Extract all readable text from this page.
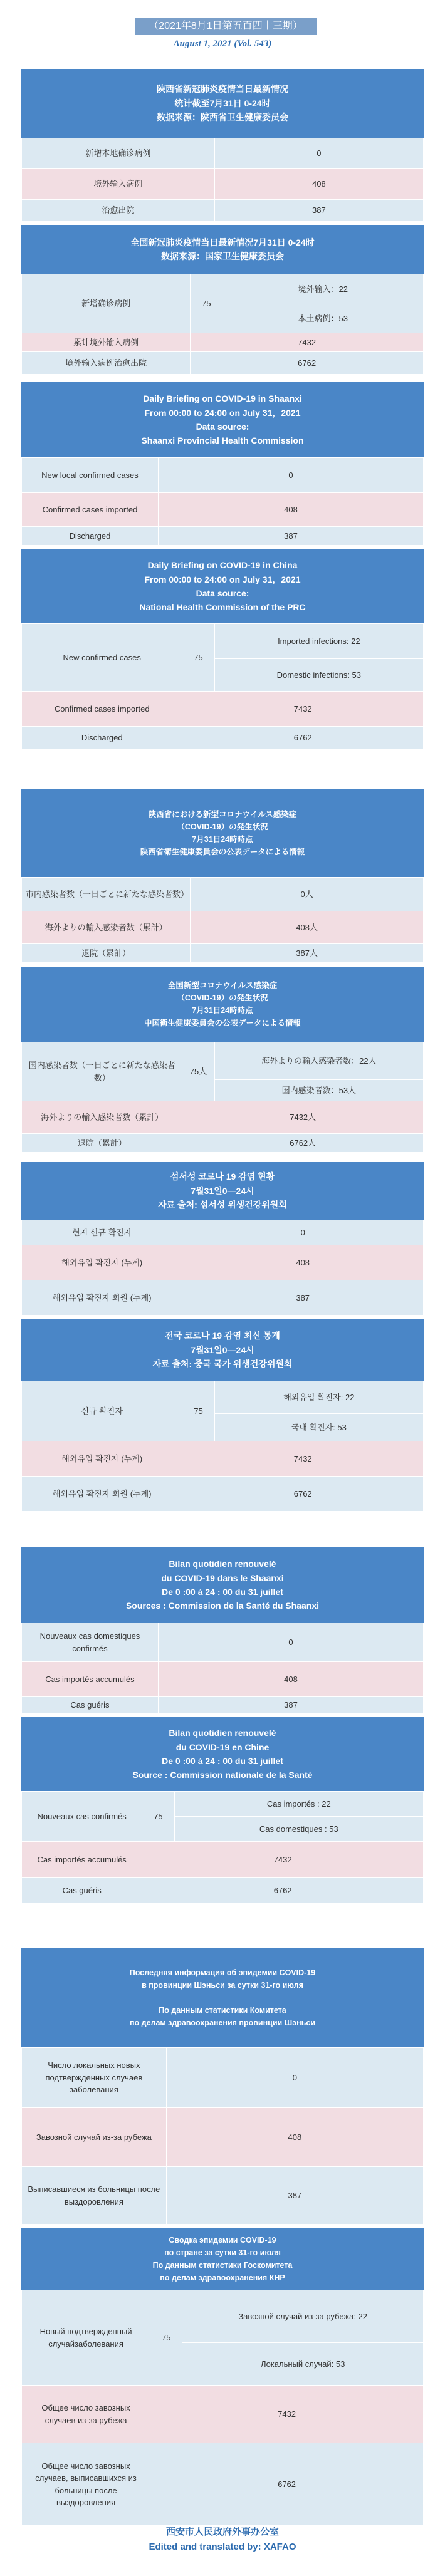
（2021年8月1日第五百四十三期）
August 1, 2021 (Vol. 543)
陕西省新冠肺炎疫情当日最新情况
统计截至7月31日 0-24时
数据来源：陕西省卫生健康委员会
新增本地确诊病例	0
境外输入病例	408
治愈出院	387
全国新冠肺炎疫情当日最新情况7月31日 0-24时
数据来源：国家卫生健康委员会
新增确诊病例	75	境外输入：22
		本土病例：53
累计境外输入病例	7432	
境外输入病例治愈出院	6762	
Daily Briefing on COVID-19 in Shaanxi
From 00:00 to 24:00 on July 31，2021
Data source:
Shaanxi Provincial Health Commission
New local confirmed cases	0
Confirmed cases imported	408
Discharged	387
Daily Briefing on COVID-19 in China
From 00:00 to 24:00 on July 31，2021
Data source:
National Health Commission of the PRC
New confirmed cases	75	Imported infections: 22
		Domestic infections: 53
Confirmed cases imported	7432	
Discharged	6762	
陕西省における新型コロナウイルス感染症
（COVID-19）の発生状況
7月31日24時時点
陕西省衛生健康委員会の公表データによる情報
市内感染者数（一日ごとに新たな感染者数）	0人
海外よりの輸入感染者数（累計）	408人
退院（累計）	387人
全国新型コロナウイルス感染症
（COVID-19）の発生状況
7月31日24時時点
中国衛生健康委員会の公表データによる情報
国内感染者数（一日ごとに新たな感染者数）	75人	海外よりの輸入感染者数：22人
		国内感染者数：53人
海外よりの輸入感染者数（累計）	7432人	
退院（累計）	6762人	
섬서성 코로나 19 감염 현황
7월31일0—24시
자료 출처: 섬서성 위생건강위원회
현지 신규 확진자	0
해외유입 확진자 (누계)	408
해외유입 확진자 회원 (누계)	387
전국 코로나 19 감염 최신 통계
7월31일0—24시
자료 출처: 중국 국가 위생건강위원회
신규 확진자	75	해외유입 확진자: 22
		국내 확진자: 53
해외유입 확진자 (누계)	7432	
해외유입 확진자 회원 (누계)	6762	
Bilan quotidien renouvelé
du COVID-19 dans le Shaanxi
De 0 :00 à 24 : 00 du 31 juillet
Sources : Commission de la Santé du Shaanxi
Nouveaux cas domestiques confirmés	0
Cas importés accumulés	408
Cas guéris	387
Bilan quotidien renouvelé
du COVID-19 en Chine
De 0 :00 à 24 : 00 du 31 juillet
Source : Commission nationale de la Santé
Nouveaux cas confirmés	75	Cas importés : 22
		Cas domestiques : 53
Cas importés accumulés	7432	
Cas guéris	6762	
Последняя информация об эпидемии COVID-19
в провинции Шэньси за сутки 31-го июля

По данным статистики Комитета
по делам здравоохранения провинции Шэньси
Число локальных новых подтвержденных случаев заболевания	0
Завозной случай из-за рубежа	408
Выписавшиеся из больницы после выздоровления	387
Сводка эпидемии COVID-19
по стране за сутки 31-го июля
По данным статистики Госкомитета
по делам здравоохранения КНР
Новый подтвержденный случайзаболевания	75	Завозной случай из-за рубежа: 22
		Локальный случай: 53
Общее число завозных случаев из-за рубежа	7432	
Общее число завозных случаев, выписавшихся из больницы после выздоровления	6762	
西安市人民政府外事办公室
Edited and translated by: XAFAO
